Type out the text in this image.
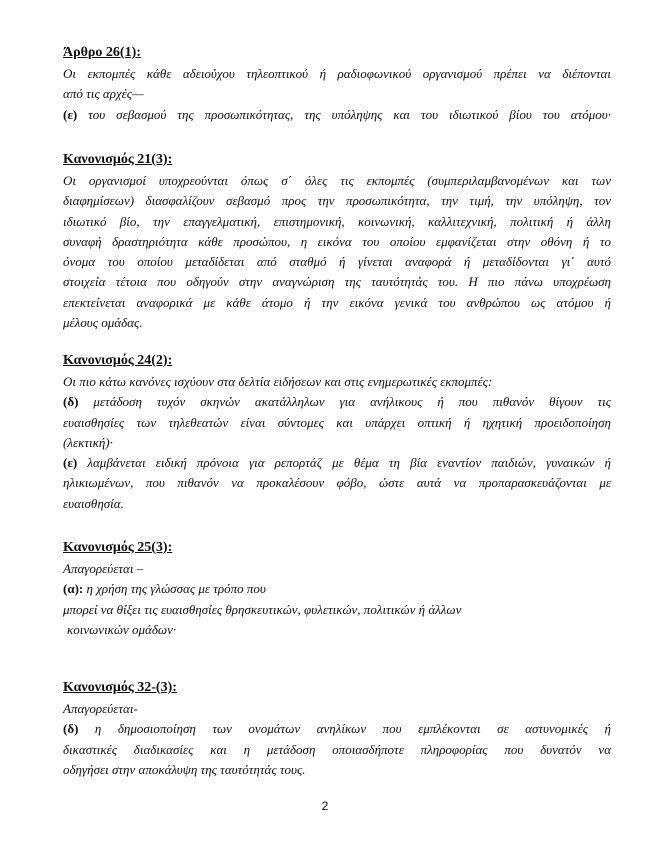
Άρθρο 26(1):
Οι εκπομπές κάθε αδειούχου τηλεοπτικού ή ραδιοφωνικού οργανισμού πρέπει να διέπονται
από τις αρχές—
(ε) του σεβασμού της προσωπικότητας, της υπόληψης και του ιδιωτικού βίου του ατόμου·
Κανονισμός 21(3):
Οι οργανισμοί υποχρεούνται όπως σ΄ όλες τις εκπομπές (συμπεριλαμβανομένων και των
διαφημίσεων) διασφαλίζουν σεβασμό προς την προσωπικότητα, την τιμή, την υπόληψη, τον
ιδιωτικό βίο, την επαγγελματική, επιστημονική, κοινωνική, καλλιτεχνική, πολιτική ή άλλη
συναφή δραστηριότητα κάθε προσώπου, η εικόνα του οποίου εμφανίζεται στην οθόνη ή το
όνομα του οποίου μεταδίδεται από σταθμό ή γίνεται αναφορά ή μεταδίδονται γι΄ αυτό
στοιχεία τέτοια που οδηγούν στην αναγνώριση της ταυτότητάς του. Η πιο πάνω υποχρέωση
επεκτείνεται αναφορικά με κάθε άτομο ή την εικόνα γενικά του ανθρώπου ως ατόμου ή
μέλους ομάδας.
Κανονισμός 24(2):
Οι πιο κάτω κανόνες ισχύουν στα δελτία ειδήσεων και στις ενημερωτικές εκπομπές:
(δ) μετάδοση τυχόν σκηνών ακατάλληλων για ανήλικους ή που πιθανόν θίγουν τις
ευαισθησίες των τηλεθεατών είναι σύντομες και υπάρχει οπτική ή ηχητική προειδοποίηση
(λεκτική)·
(ε) λαμβάνεται ειδική πρόνοια για ρεπορτάζ με θέμα τη βία εναντίον παιδιών, γυναικών ή
ηλικιωμένων, που πιθανόν να προκαλέσουν φόβο, ώστε αυτά να προπαρασκευάζονται με
ευαισθησία.
Κανονισμός 25(3):
Απαγορεύεται –
(α): η χρήση της γλώσσας με τρόπο που
μπορεί να θίξει τις ευαισθησίες θρησκευτικών, φυλετικών, πολιτικών ή άλλων
κοινωνικών ομάδων·
Κανονισμός 32-(3):
Απαγορεύεται-
(δ) η δημοσιοποίηση των ονομάτων ανηλίκων που εμπλέκονται σε αστυνομικές ή
δικαστικές διαδικασίες και η μετάδοση οποιασδήποτε πληροφορίας που δυνατόν να
οδηγήσει στην αποκάλυψη της ταυτότητάς τους.
2
